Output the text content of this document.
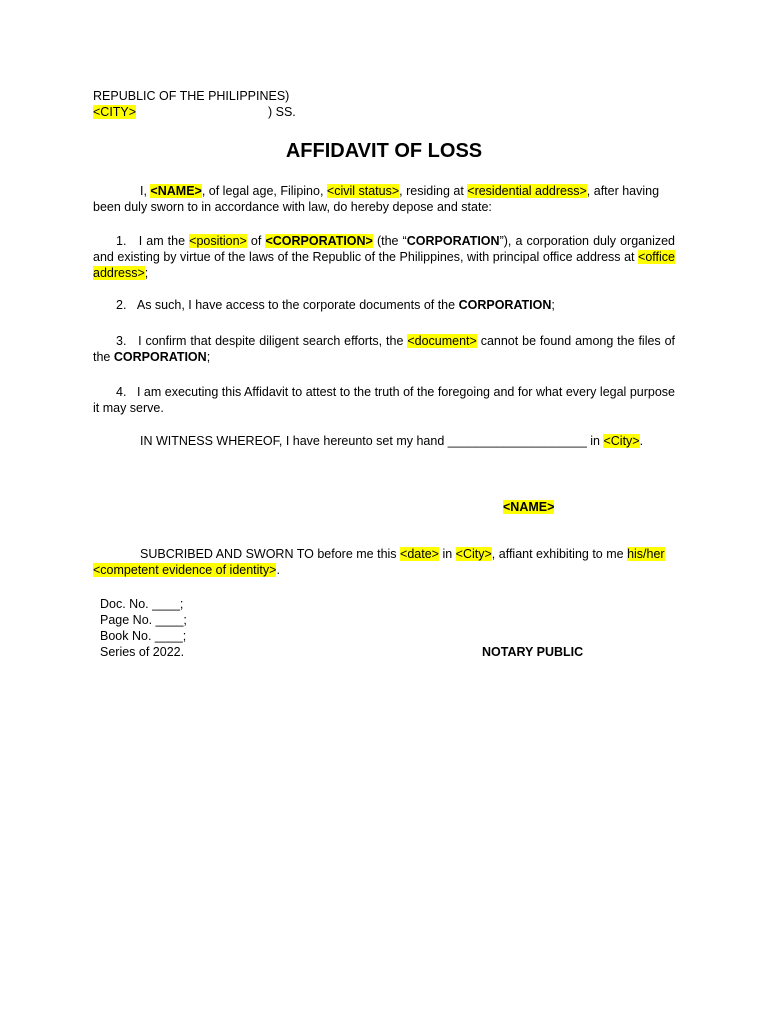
REPUBLIC OF THE PHILIPPINES)
<CITY>	) SS.
AFFIDAVIT OF LOSS
I, <NAME>, of legal age, Filipino, <civil status>, residing at <residential address>, after having
been duly sworn to in accordance with law, do hereby depose and state:
1. I am the <position> of <CORPORATION> (the “CORPORATION”), a corporation duly organized and existing by virtue of the laws of the Republic of the Philippines, with principal office address at <office address>;
2. As such, I have access to the corporate documents of the CORPORATION;
3. I confirm that despite diligent search efforts, the <document> cannot be found among the files of the CORPORATION;
4. I am executing this Affidavit to attest to the truth of the foregoing and for what every legal purpose it may serve.
IN WITNESS WHEREOF, I have hereunto set my hand ____________________ in <City>.
<NAME>
SUBCRIBED AND SWORN TO before me this <date> in <City>, affiant exhibiting to me his/her
<competent evidence of identity>.
Doc. No. ____;
Page No. ____;
Book No. ____;
Series of 2022.	NOTARY PUBLIC
